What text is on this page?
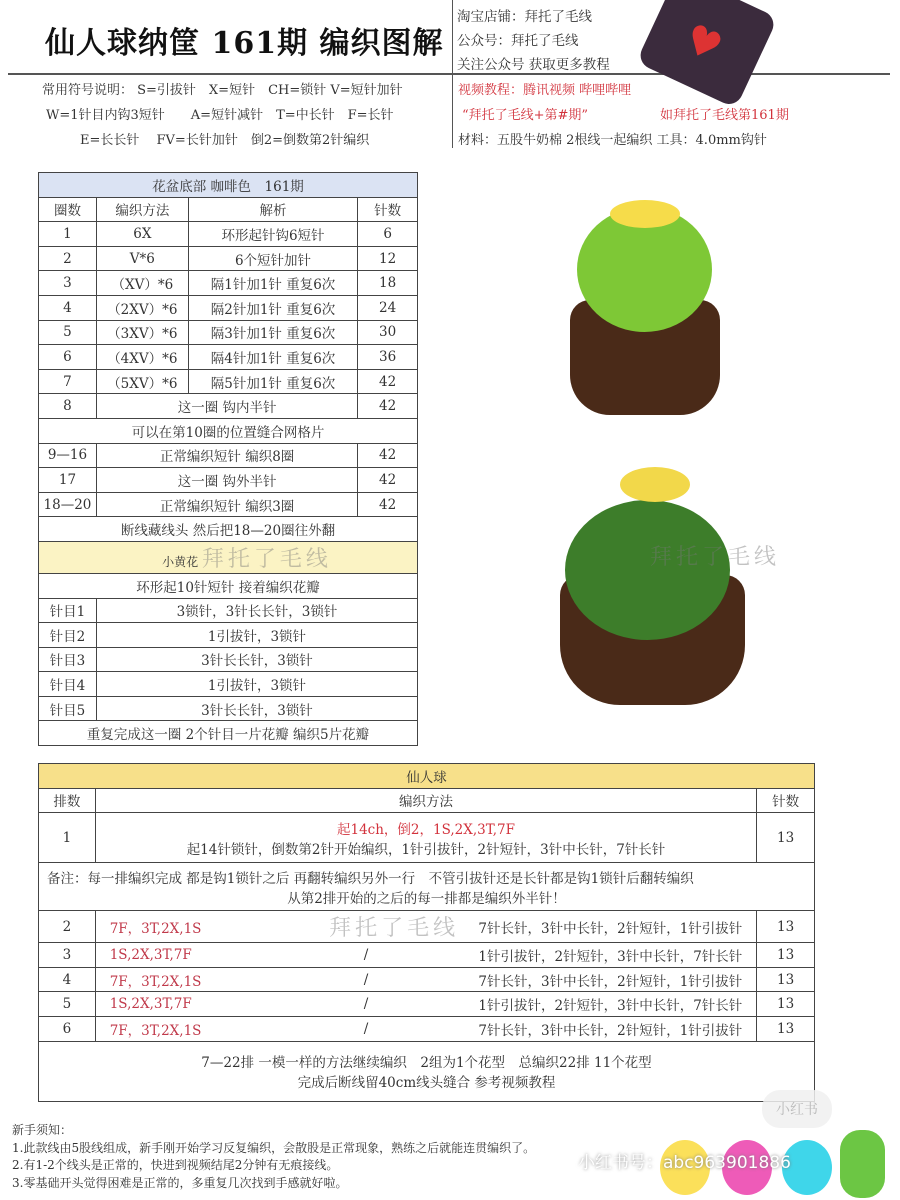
仙人球纳筐 161期 编织图解
淘宝店铺：拜托了毛线
公众号：拜托了毛线
关注公众号 获取更多教程 ♥
常用符号说明： S=引拔针　X=短针　CH=锁针 V=短针加针
W=1针目内钩3短针　　A=短针减针　T=中长针　F=长针
E=长长针　 FV=长针加针　倒2=倒数第2针编织
视频教程：腾讯视频 哔哩哔哩
“拜托了毛线+第#期”	如拜托了毛线第161期
材料：五股牛奶棉 2根线一起编织 工具：4.0mm钩针
花盆底部 咖啡色　161期			
圈数	编织方法	解析	针数
1	6X	环形起针钩6短针	6
2	V*6	6个短针加针	12
3	（XV）*6	隔1针加1针 重复6次	18
4	（2XV）*6	隔2针加1针 重复6次	24
5	（3XV）*6	隔3针加1针 重复6次	30
6	（4XV）*6	隔4针加1针 重复6次	36
7	（5XV）*6	隔5针加1针 重复6次	42
8	这一圈 钩内半针		42
可以在第10圈的位置缝合网格片			
9—16	正常编织短针 编织8圈		42
17	这一圈 钩外半针		42
18—20	正常编织短针 编织3圈		42
断线藏线头 然后把18—20圈往外翻			
小黄花 拜托了毛线			
环形起10针短针 接着编织花瓣			
针目1	3锁针，3针长长针，3锁针		
针目2	1引拔针，3锁针		
针目3	3针长长针，3锁针		
针目4	1引拔针，3锁针		
针目5	3针长长针，3锁针		
重复完成这一圈 2个针目一片花瓣 编织5片花瓣			
拜托了毛线
仙人球		
排数	编织方法	针数
1	起14ch，倒2，1S,2X,3T,7F
起14针锁针，倒数第2针开始编织，1针引拔针，2针短针，3针中长针，7针长针	13

备注：每一排编织完成 都是钩1锁针之后 再翻转编织另外一行　不管引拔针还是长针都是钩1锁针后翻转编织
从第2排开始的之后的每一排都是编织外半针！		

2	7F，3T,2X,1S 拜托了毛线 7针长针，3针中长针，2针短针，1针引拔针	13
3	1S,2X,3T,7F / 1针引拔针，2针短针，3针中长针，7针长针	13
4	7F，3T,2X,1S / 7针长针，3针中长针，2针短针，1针引拔针	13
5	1S,2X,3T,7F / 1针引拔针，2针短针，3针中长针，7针长针	13
6	7F，3T,2X,1S / 7针长针，3针中长针，2针短针，1针引拔针	13

7—22排 一模一样的方法继续编织　2组为1个花型　总编织22排 11个花型
完成后断线留40cm线头缝合 参考视频教程		
新手须知：
1.此款线由5股线组成，新手刚开始学习反复编织，会散股是正常现象，熟练之后就能连贯编织了。
2.有1-2个线头是正常的，快进到视频结尾2分钟有无痕接线。
3.零基础开头觉得困难是正常的，多重复几次找到手感就好啦。
小红书
小红书号：abc963901886
